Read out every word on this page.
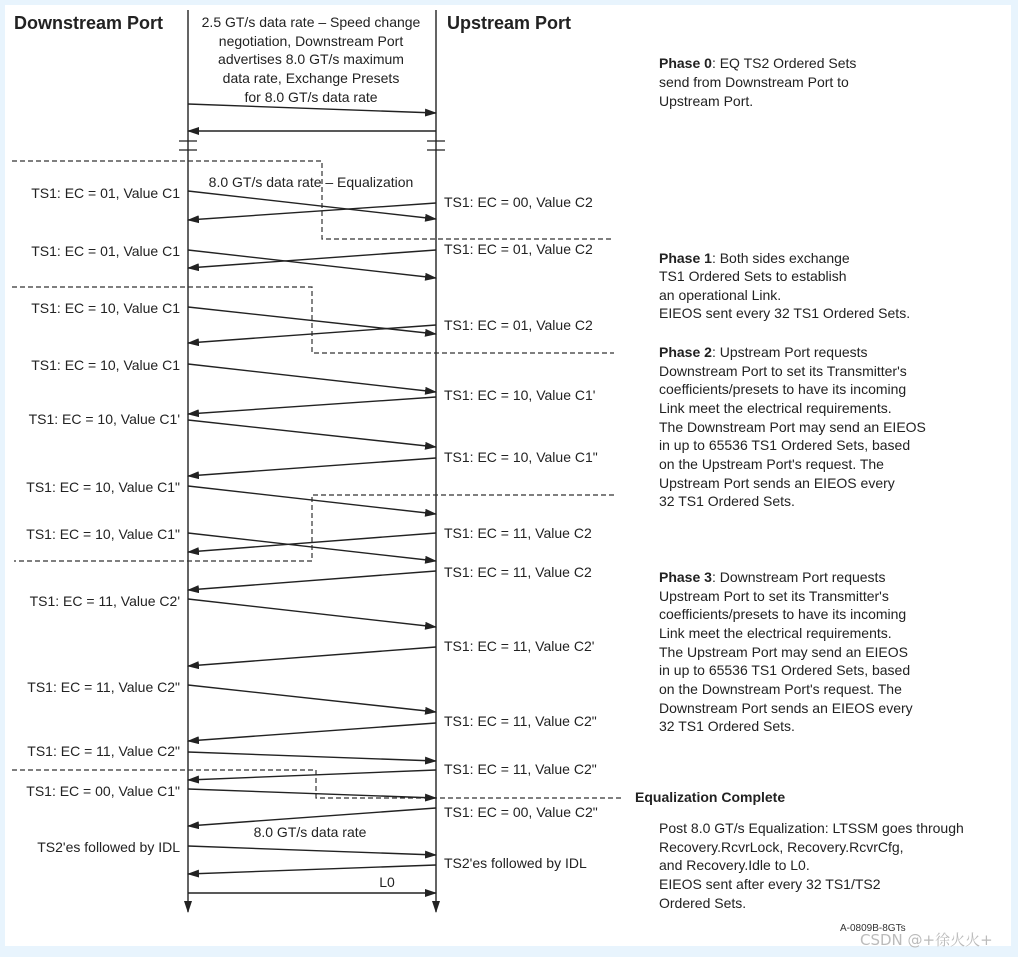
Downstream Port	Upstream Port
2.5 GT/s data rate – Speed change
negotiation, Downstream Port
advertises 8.0 GT/s maximum
data rate, Exchange Presets
for 8.0 GT/s data rate
8.0 GT/s data rate – Equalization
8.0 GT/s data rate
L0
TS1: EC = 01, Value C1
TS1: EC = 01, Value C1
TS1: EC = 10, Value C1
TS1: EC = 10, Value C1
TS1: EC = 10, Value C1'
TS1: EC = 10, Value C1"
TS1: EC = 10, Value C1"
TS1: EC = 11, Value C2'
TS1: EC = 11, Value C2"
TS1: EC = 11, Value C2"
TS1: EC = 00, Value C1"
TS2'es followed by IDL
TS1: EC = 00, Value C2
TS1: EC = 01, Value C2
TS1: EC = 01, Value C2
TS1: EC = 10, Value C1'
TS1: EC = 10, Value C1"
TS1: EC = 11, Value C2
TS1: EC = 11, Value C2
TS1: EC = 11, Value C2'
TS1: EC = 11, Value C2"
TS1: EC = 11, Value C2"
TS1: EC = 00, Value C2"
TS2'es followed by IDL
Phase 0: EQ TS2 Ordered Sets
send from Downstream Port to
Upstream Port.
Phase 1: Both sides exchange
TS1 Ordered Sets to establish
an operational Link.
EIEOS sent every 32 TS1 Ordered Sets.
Phase 2: Upstream Port requests
Downstream Port to set its Transmitter's
coefficients/presets to have its incoming
Link meet the electrical requirements.
The Downstream Port may send an EIEOS
in up to 65536 TS1 Ordered Sets, based
on the Upstream Port's request. The
Upstream Port sends an EIEOS every
32 TS1 Ordered Sets.
Phase 3: Downstream Port requests
Upstream Port to set its Transmitter's
coefficients/presets to have its incoming
Link meet the electrical requirements.
The Upstream Port may send an EIEOS
in up to 65536 TS1 Ordered Sets, based
on the Downstream Port's request. The
Downstream Port sends an EIEOS every
32 TS1 Ordered Sets.
Equalization Complete
Post 8.0 GT/s Equalization: LTSSM goes through
Recovery.RcvrLock, Recovery.RcvrCfg,
and Recovery.Idle to L0.
EIEOS sent after every 32 TS1/TS2
Ordered Sets.
A-0809B-8GTs
CSDN @+徐火火+
